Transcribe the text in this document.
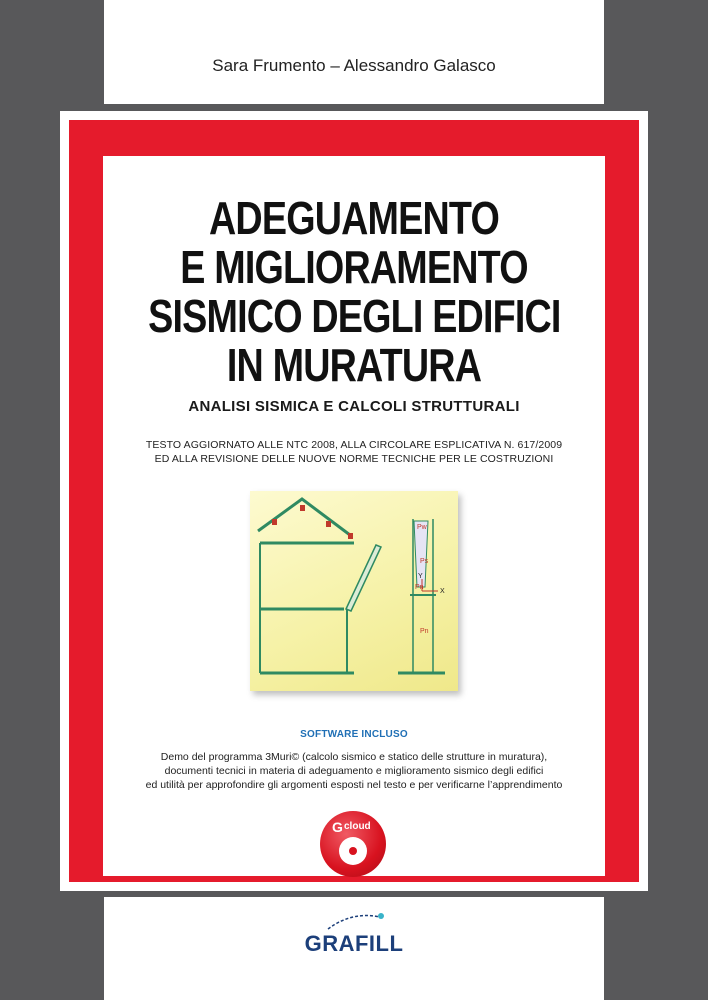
Sara Frumento – Alessandro Galasco
ADEGUAMENTO
E MIGLIORAMENTO
SISMICO DEGLI EDIFICI
IN MURATURA
ANALISI SISMICA E CALCOLI STRUTTURALI
TESTO AGGIORNATO ALLE NTC 2008, ALLA CIRCOLARE ESPLICATIVA N. 617/2009
ED ALLA REVISIONE DELLE NUOVE NORME TECNICHE PER LE COSTRUZIONI
Pw
Ps
Pn
Pn
Y
X
SOFTWARE INCLUSO
Demo del programma 3Muri© (calcolo sismico e statico delle strutture in muratura),
documenti tecnici in materia di adeguamento e miglioramento sismico degli edifici
ed utilità per approfondire gli argomenti esposti nel testo e per verificarne l’apprendimento
G cloud
GRAFILL
